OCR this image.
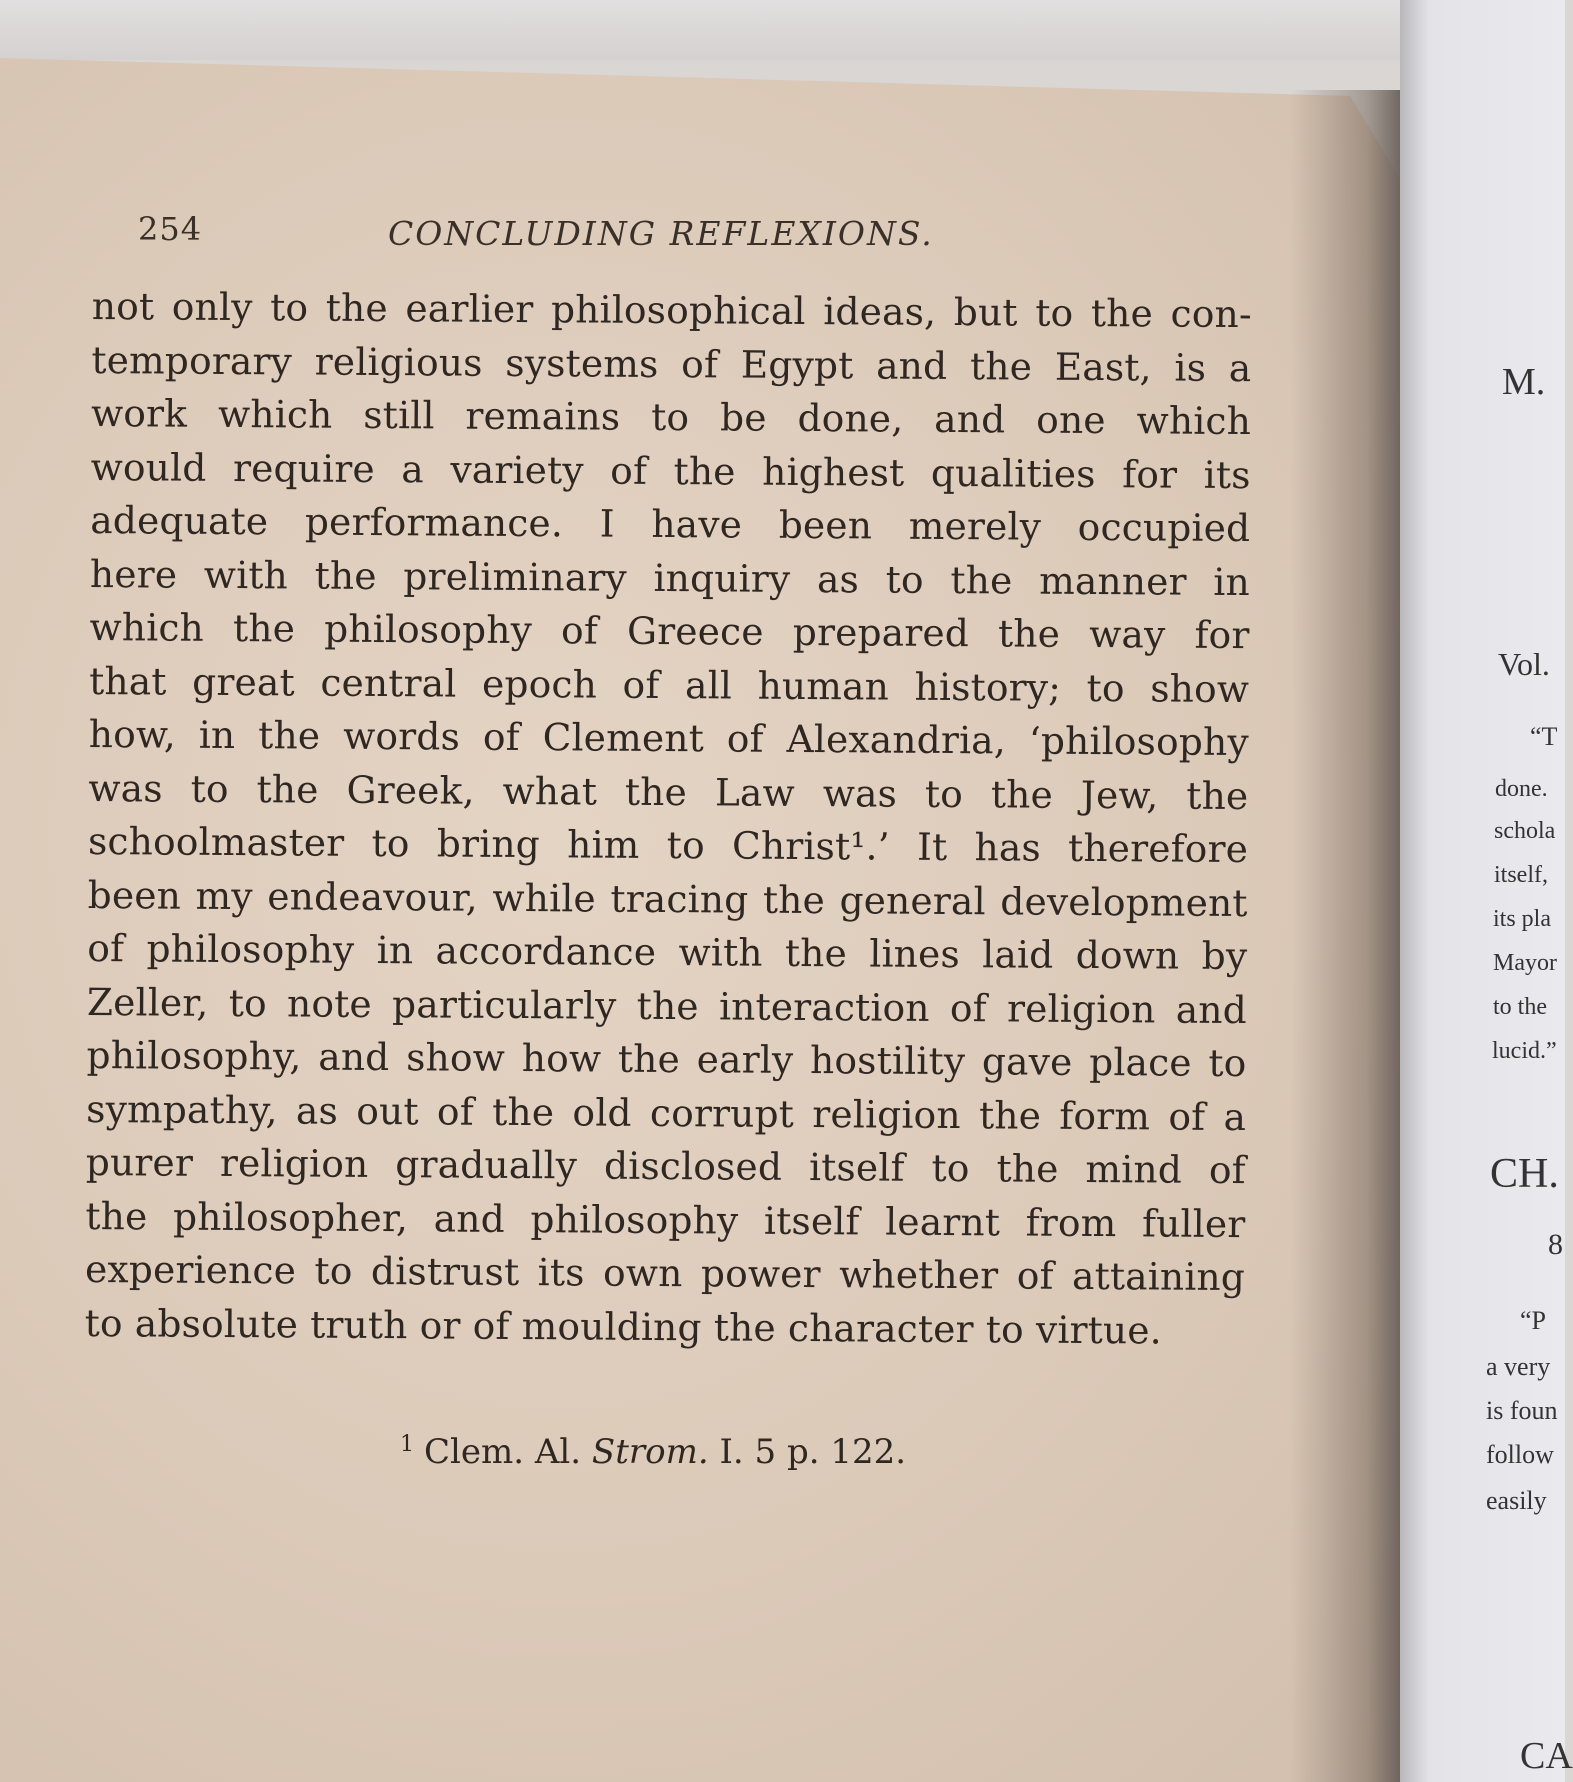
M.
Vol.
“T
done.
schola
itself,
its pla
Mayor
to the
lucid.”
CH.
8
“P
a very
is foun
follow
easily
CA
254	CONCLUDING REFLEXIONS.
not only to the earlier philosophical ideas, but to the con-
temporary religious systems of Egypt and the East, is a
work which still remains to be done, and one which
would require a variety of the highest qualities for its
adequate performance. I have been merely occupied
here with the preliminary inquiry as to the manner in
which the philosophy of Greece prepared the way for
that great central epoch of all human history; to show
how, in the words of Clement of Alexandria, ‘philosophy
was to the Greek, what the Law was to the Jew, the
schoolmaster to bring him to Christ¹.’ It has therefore
been my endeavour, while tracing the general development
of philosophy in accordance with the lines laid down by
Zeller, to note particularly the interaction of religion and
philosophy, and show how the early hostility gave place to
sympathy, as out of the old corrupt religion the form of a
purer religion gradually disclosed itself to the mind of
the philosopher, and philosophy itself learnt from fuller
experience to distrust its own power whether of attaining
to absolute truth or of moulding the character to virtue.
$^1$ Clem. Al. Strom. I. 5 p. 122.
